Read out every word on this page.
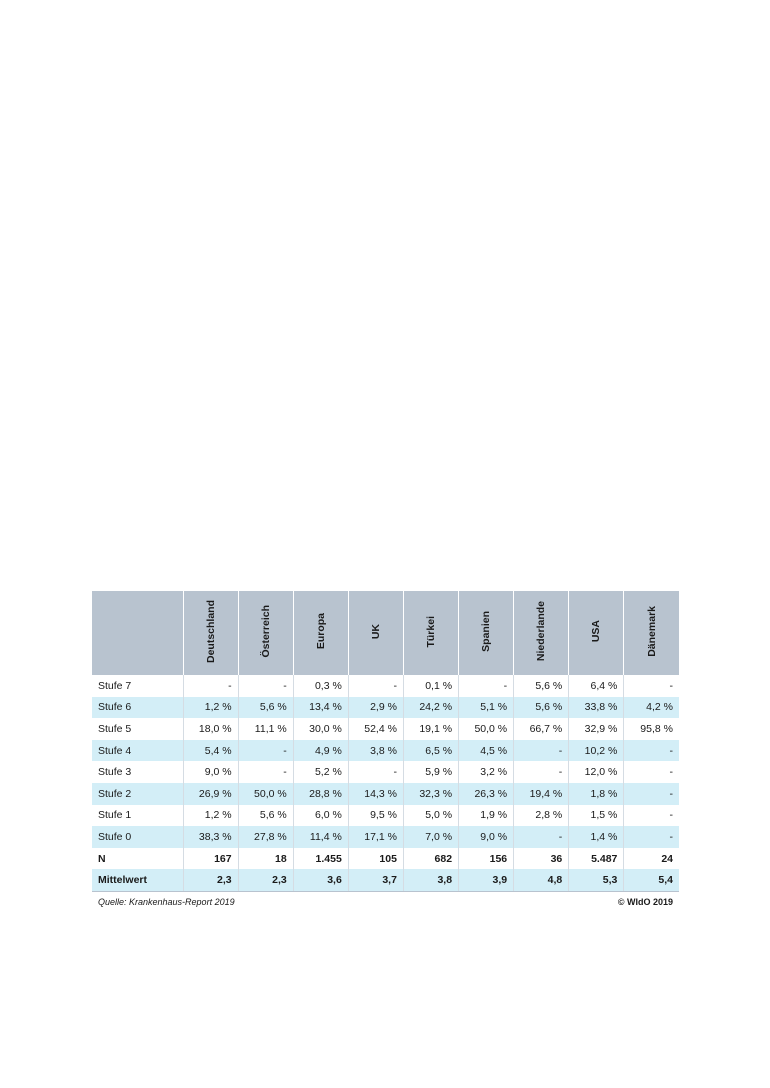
	Deutschland	Österreich	Europa	UK	Türkei	Spanien	Niederlande	USA	Dänemark
Stufe 7	-	-	0,3 %	-	0,1 %	-	5,6 %	6,4 %	-
Stufe 6	1,2 %	5,6 %	13,4 %	2,9 %	24,2 %	5,1 %	5,6 %	33,8 %	4,2 %
Stufe 5	18,0 %	11,1 %	30,0 %	52,4 %	19,1 %	50,0 %	66,7 %	32,9 %	95,8 %
Stufe 4	5,4 %	-	4,9 %	3,8 %	6,5 %	4,5 %	-	10,2 %	-
Stufe 3	9,0 %	-	5,2 %	-	5,9 %	3,2 %	-	12,0 %	-
Stufe 2	26,9 %	50,0 %	28,8 %	14,3 %	32,3 %	26,3 %	19,4 %	1,8 %	-
Stufe 1	1,2 %	5,6 %	6,0 %	9,5 %	5,0 %	1,9 %	2,8 %	1,5 %	-
Stufe 0	38,3 %	27,8 %	11,4 %	17,1 %	7,0 %	9,0 %	-	1,4 %	-
N	167	18	1.455	105	682	156	36	5.487	24
Mittelwert	2,3	2,3	3,6	3,7	3,8	3,9	4,8	5,3	5,4
Quelle: Krankenhaus-Report 2019	© WIdO 2019
